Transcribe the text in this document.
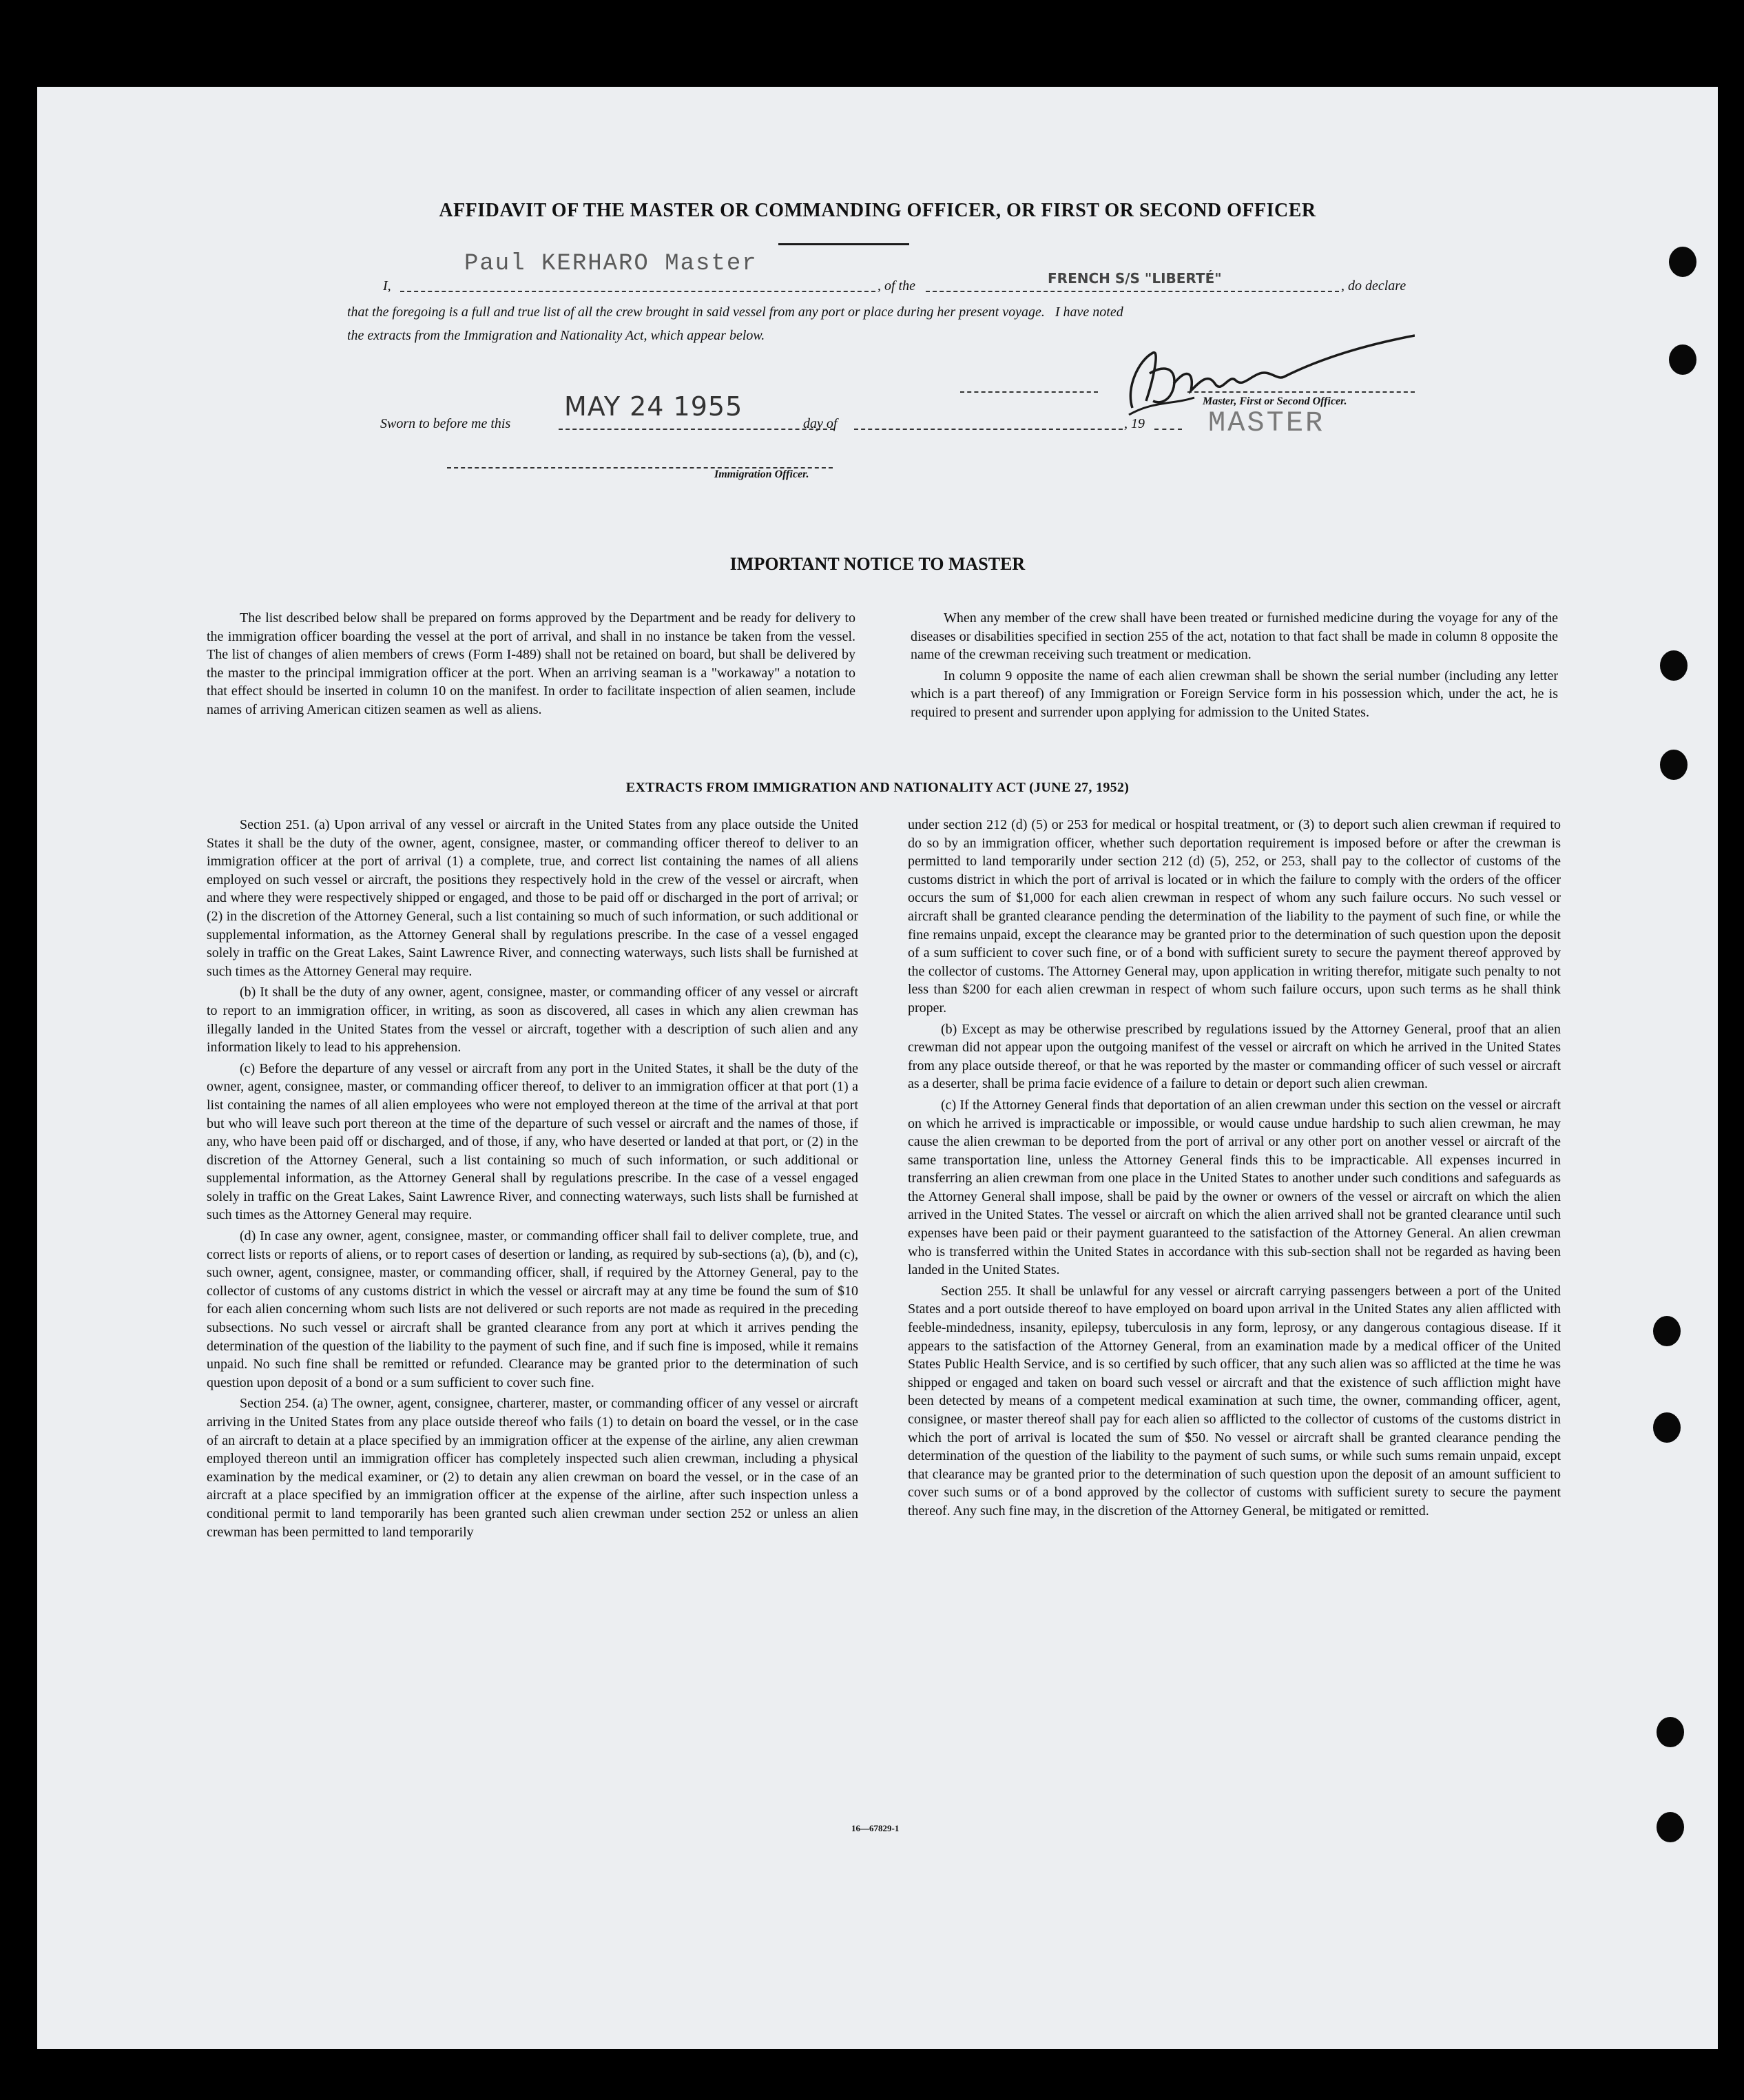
AFFIDAVIT OF THE MASTER OR COMMANDING OFFICER, OR FIRST OR SECOND OFFICER
I,
Paul KERHARO Master
, of the	FRENCH S/S "LIBERTÉ"	, do declare
that the foregoing is a full and true list of all the crew brought in said vessel from any port or place during her present voyage.   I have noted
the extracts from the Immigration and Nationality Act, which appear below.
Master, First or Second Officer.
MASTER
Sworn to before me this
MAY 24 1955
day of	, 19
Immigration Officer.
IMPORTANT NOTICE TO MASTER

The list described below shall be prepared on forms approved by the Department and be ready for delivery to the immigration officer boarding the vessel at the port of arrival, and shall in no instance be taken from the vessel. The list of changes of alien members of crews (Form I-489) shall not be retained on board, but shall be delivered by the master to the principal immigration officer at the port. When an arriving seaman is a "workaway" a notation to that effect should be inserted in column 10 on the manifest. In order to facilitate inspection of alien seamen, include names of arriving American citizen seamen as well as aliens.

When any member of the crew shall have been treated or furnished medicine during the voyage for any of the diseases or disabilities specified in section 255 of the act, notation to that fact shall be made in column 8 opposite the name of the crewman receiving such treatment or medication.

In column 9 opposite the name of each alien crewman shall be shown the serial number (including any letter which is a part thereof) of any Immigration or Foreign Service form in his possession which, under the act, he is required to present and surrender upon applying for admission to the United States.

EXTRACTS FROM IMMIGRATION AND NATIONALITY ACT (JUNE 27, 1952)

Section 251. (a) Upon arrival of any vessel or aircraft in the United States from any place outside the United States it shall be the duty of the owner, agent, consignee, master, or commanding officer thereof to deliver to an immigration officer at the port of arrival (1) a complete, true, and correct list containing the names of all aliens employed on such vessel or aircraft, the positions they respectively hold in the crew of the vessel or aircraft, when and where they were respectively shipped or engaged, and those to be paid off or discharged in the port of arrival; or (2) in the discretion of the Attorney General, such a list containing so much of such information, or such additional or supplemental information, as the Attorney General shall by regulations prescribe. In the case of a vessel engaged solely in traffic on the Great Lakes, Saint Lawrence River, and connecting waterways, such lists shall be furnished at such times as the Attorney General may require.

(b) It shall be the duty of any owner, agent, consignee, master, or commanding officer of any vessel or aircraft to report to an immigration officer, in writing, as soon as discovered, all cases in which any alien crewman has illegally landed in the United States from the vessel or aircraft, together with a description of such alien and any information likely to lead to his apprehension.

(c) Before the departure of any vessel or aircraft from any port in the United States, it shall be the duty of the owner, agent, consignee, master, or commanding officer thereof, to deliver to an immigration officer at that port (1) a list containing the names of all alien employees who were not employed thereon at the time of the arrival at that port but who will leave such port thereon at the time of the departure of such vessel or aircraft and the names of those, if any, who have been paid off or discharged, and of those, if any, who have deserted or landed at that port, or (2) in the discretion of the Attorney General, such a list containing so much of such information, or such additional or supplemental information, as the Attorney General shall by regulations prescribe. In the case of a vessel engaged solely in traffic on the Great Lakes, Saint Lawrence River, and connecting waterways, such lists shall be furnished at such times as the Attorney General may require.

(d) In case any owner, agent, consignee, master, or commanding officer shall fail to deliver complete, true, and correct lists or reports of aliens, or to report cases of desertion or landing, as required by sub-sections (a), (b), and (c), such owner, agent, consignee, master, or commanding officer, shall, if required by the Attorney General, pay to the collector of customs of any customs district in which the vessel or aircraft may at any time be found the sum of $10 for each alien concerning whom such lists are not delivered or such reports are not made as required in the preceding subsections. No such vessel or aircraft shall be granted clearance from any port at which it arrives pending the determination of the question of the liability to the payment of such fine, and if such fine is imposed, while it remains unpaid. No such fine shall be remitted or refunded. Clearance may be granted prior to the determination of such question upon deposit of a bond or a sum sufficient to cover such fine.

Section 254. (a) The owner, agent, consignee, charterer, master, or commanding officer of any vessel or aircraft arriving in the United States from any place outside thereof who fails (1) to detain on board the vessel, or in the case of an aircraft to detain at a place specified by an immigration officer at the expense of the airline, any alien crewman employed thereon until an immigration officer has completely inspected such alien crewman, including a physical examination by the medical examiner, or (2) to detain any alien crewman on board the vessel, or in the case of an aircraft at a place specified by an immigration officer at the expense of the airline, after such inspection unless a conditional permit to land temporarily has been granted such alien crewman under section 252 or unless an alien crewman has been permitted to land temporarily

under section 212 (d) (5) or 253 for medical or hospital treatment, or (3) to deport such alien crewman if required to do so by an immigration officer, whether such deportation requirement is imposed before or after the crewman is permitted to land temporarily under section 212 (d) (5), 252, or 253, shall pay to the collector of customs of the customs district in which the port of arrival is located or in which the failure to comply with the orders of the officer occurs the sum of $1,000 for each alien crewman in respect of whom any such failure occurs. No such vessel or aircraft shall be granted clearance pending the determination of the liability to the payment of such fine, or while the fine remains unpaid, except the clearance may be granted prior to the determination of such question upon the deposit of a sum sufficient to cover such fine, or of a bond with sufficient surety to secure the payment thereof approved by the collector of customs. The Attorney General may, upon application in writing therefor, mitigate such penalty to not less than $200 for each alien crewman in respect of whom such failure occurs, upon such terms as he shall think proper.

(b) Except as may be otherwise prescribed by regulations issued by the Attorney General, proof that an alien crewman did not appear upon the outgoing manifest of the vessel or aircraft on which he arrived in the United States from any place outside thereof, or that he was reported by the master or commanding officer of such vessel or aircraft as a deserter, shall be prima facie evidence of a failure to detain or deport such alien crewman.

(c) If the Attorney General finds that deportation of an alien crewman under this section on the vessel or aircraft on which he arrived is impracticable or impossible, or would cause undue hardship to such alien crewman, he may cause the alien crewman to be deported from the port of arrival or any other port on another vessel or aircraft of the same transportation line, unless the Attorney General finds this to be impracticable. All expenses incurred in transferring an alien crewman from one place in the United States to another under such conditions and safeguards as the Attorney General shall impose, shall be paid by the owner or owners of the vessel or aircraft on which the alien arrived in the United States. The vessel or aircraft on which the alien arrived shall not be granted clearance until such expenses have been paid or their payment guaranteed to the satisfaction of the Attorney General. An alien crewman who is transferred within the United States in accordance with this sub-section shall not be regarded as having been landed in the United States.

Section 255. It shall be unlawful for any vessel or aircraft carrying passengers between a port of the United States and a port outside thereof to have employed on board upon arrival in the United States any alien afflicted with feeble-mindedness, insanity, epilepsy, tuberculosis in any form, leprosy, or any dangerous contagious disease. If it appears to the satisfaction of the Attorney General, from an examination made by a medical officer of the United States Public Health Service, and is so certified by such officer, that any such alien was so afflicted at the time he was shipped or engaged and taken on board such vessel or aircraft and that the existence of such affliction might have been detected by means of a competent medical examination at such time, the owner, commanding officer, agent, consignee, or master thereof shall pay for each alien so afflicted to the collector of customs of the customs district in which the port of arrival is located the sum of $50. No vessel or aircraft shall be granted clearance pending the determination of the question of the liability to the payment of such sums, or while such sums remain unpaid, except that clearance may be granted prior to the determination of such question upon the deposit of an amount sufficient to cover such sums or of a bond approved by the collector of customs with sufficient surety to secure the payment thereof. Any such fine may, in the discretion of the Attorney General, be mitigated or remitted.

16—67829-1
